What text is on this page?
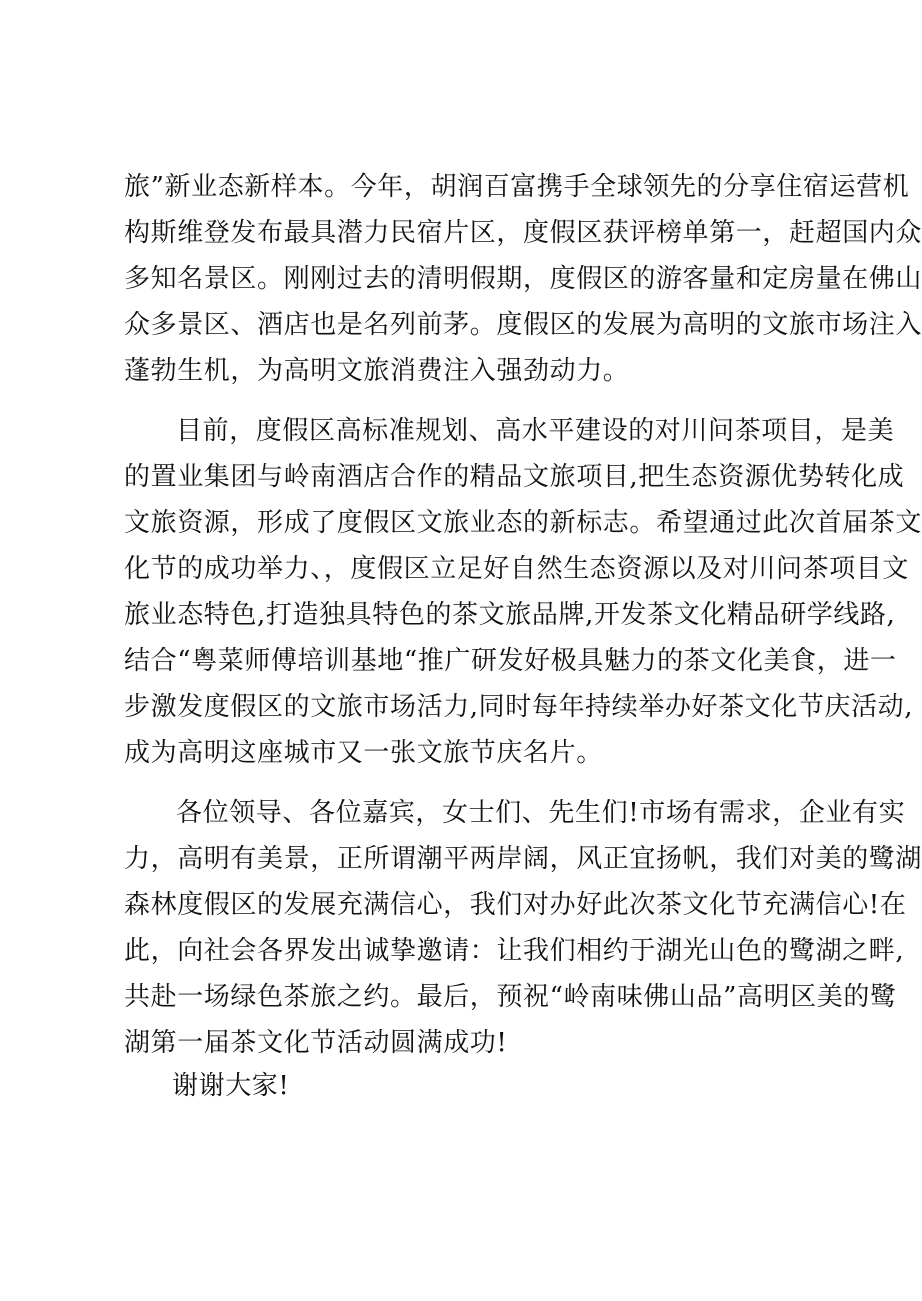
旅”新业态新样本。今年，胡润百富携手全球领先的分享住宿运营机
构斯维登发布最具潜力民宿片区，度假区获评榜单第一，赶超国内众
多知名景区。刚刚过去的清明假期，度假区的游客量和定房量在佛山
众多景区、酒店也是名列前茅。度假区的发展为高明的文旅市场注入
蓬勃生机，为高明文旅消费注入强劲动力。
目前，度假区高标准规划、高水平建设的对川问茶项目，是美
的置业集团与岭南酒店合作的精品文旅项目,把生态资源优势转化成
文旅资源，形成了度假区文旅业态的新标志。希望通过此次首届茶文
化节的成功举力、，度假区立足好自然生态资源以及对川问茶项目文
旅业态特色,打造独具特色的茶文旅品牌,开发茶文化精品研学线路,
结合“粤菜师傅培训基地“推广研发好极具魅力的茶文化美食，进一
步激发度假区的文旅市场活力,同时每年持续举办好茶文化节庆活动,
成为高明这座城市又一张文旅节庆名片。
各位领导、各位嘉宾，女士们、先生们!市场有需求，企业有实
力，高明有美景，正所谓潮平两岸阔，风正宜扬帆，我们对美的鹭湖
森林度假区的发展充满信心，我们对办好此次茶文化节充满信心!在
此，向社会各界发出诚挚邀请：让我们相约于湖光山色的鹭湖之畔,
共赴一场绿色茶旅之约。最后，预祝“岭南味佛山品”高明区美的鹭
湖第一届茶文化节活动圆满成功!
谢谢大家!
